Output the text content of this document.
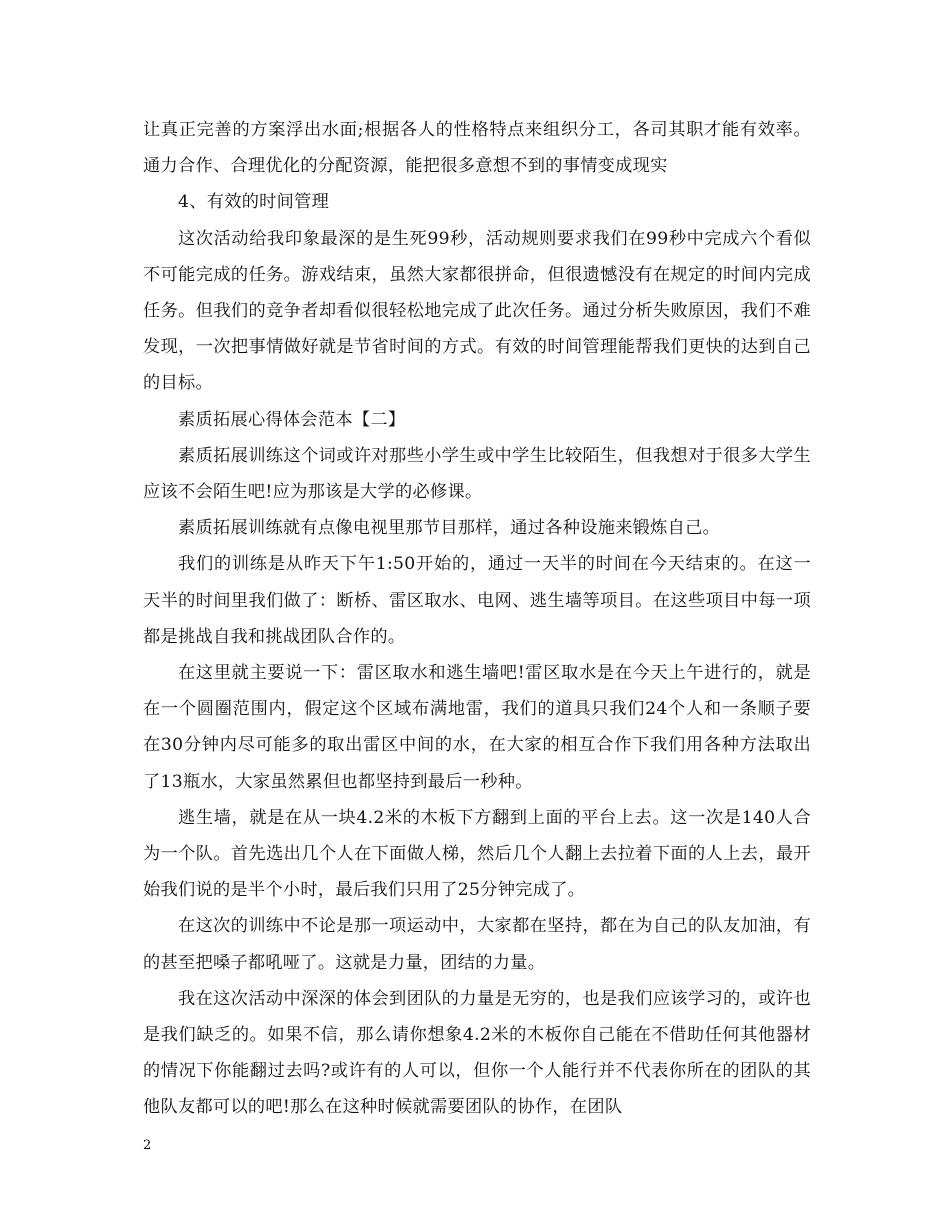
让真正完善的方案浮出水面;根据各人的性格特点来组织分工，各司其职才能有效率。通力合作、合理优化的分配资源，能把很多意想不到的事情变成现实

4、有效的时间管理

这次活动给我印象最深的是生死99秒，活动规则要求我们在99秒中完成六个看似不可能完成的任务。游戏结束，虽然大家都很拼命，但很遗憾没有在规定的时间内完成任务。但我们的竞争者却看似很轻松地完成了此次任务。通过分析失败原因，我们不难发现，一次把事情做好就是节省时间的方式。有效的时间管理能帮我们更快的达到自己的目标。

素质拓展心得体会范本【二】

素质拓展训练这个词或许对那些小学生或中学生比较陌生，但我想对于很多大学生应该不会陌生吧!应为那该是大学的必修课。

素质拓展训练就有点像电视里那节目那样，通过各种设施来锻炼自己。

我们的训练是从昨天下午1:50开始的，通过一天半的时间在今天结束的。在这一天半的时间里我们做了：断桥、雷区取水、电网、逃生墙等项目。在这些项目中每一项都是挑战自我和挑战团队合作的。

在这里就主要说一下：雷区取水和逃生墙吧!雷区取水是在今天上午进行的，就是在一个圆圈范围内，假定这个区域布满地雷，我们的道具只我们24个人和一条顺子要在30分钟内尽可能多的取出雷区中间的水，在大家的相互合作下我们用各种方法取出了13瓶水，大家虽然累但也都坚持到最后一秒种。

逃生墙，就是在从一块4.2米的木板下方翻到上面的平台上去。这一次是140人合为一个队。首先选出几个人在下面做人梯，然后几个人翻上去拉着下面的人上去，最开始我们说的是半个小时，最后我们只用了25分钟完成了。

在这次的训练中不论是那一项运动中，大家都在坚持，都在为自己的队友加油，有的甚至把嗓子都吼哑了。这就是力量，团结的力量。

我在这次活动中深深的体会到团队的力量是无穷的，也是我们应该学习的，或许也是我们缺乏的。如果不信，那么请你想象4.2米的木板你自己能在不借助任何其他器材的情况下你能翻过去吗?或许有的人可以，但你一个人能行并不代表你所在的团队的其他队友都可以的吧!那么在这种时候就需要团队的协作，在团队

2
